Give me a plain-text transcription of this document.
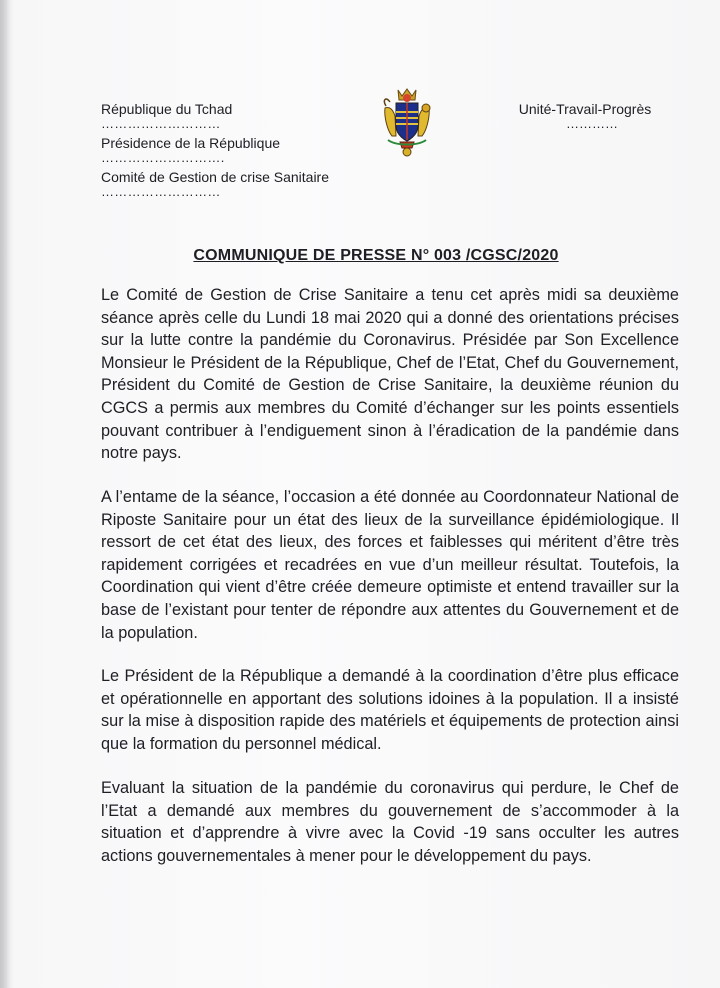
République du Tchad
………………………
Présidence de la République
……………………….
Comité de Gestion de crise Sanitaire
………………………
Unité-Travail-Progrès
…………
COMMUNIQUE DE PRESSE N° 003 /CGSC/2020
Le Comité de Gestion de Crise Sanitaire a tenu cet après midi sa deuxième séance après celle du Lundi 18 mai 2020 qui a donné des orientations précises sur la lutte contre la pandémie du Coronavirus. Présidée par Son Excellence Monsieur le Président de la République, Chef de l’Etat, Chef du Gouvernement, Président du Comité de Gestion de Crise Sanitaire, la deuxième réunion du CGCS a permis aux membres du Comité d’échanger sur les points essentiels pouvant contribuer à l’endiguement sinon à l’éradication de la pandémie dans notre pays.
A l’entame de la séance, l’occasion a été donnée au Coordonnateur National de Riposte Sanitaire pour un état des lieux de la surveillance épidémiologique. Il ressort de cet état des lieux, des forces et faiblesses qui méritent d’être très rapidement corrigées et recadrées en vue d’un meilleur résultat. Toutefois, la Coordination qui vient d’être créée demeure optimiste et entend travailler sur la base de l’existant pour tenter de répondre aux attentes du Gouvernement et de la population.
Le Président de la République a demandé à la coordination d’être plus efficace et opérationnelle en apportant des solutions idoines à la population. Il a insisté sur la mise à disposition rapide des matériels et équipements de protection ainsi que la formation du personnel médical.
Evaluant la situation de la pandémie du coronavirus qui perdure, le Chef de l’Etat a demandé aux membres du gouvernement de s’accommoder à la situation et d’apprendre à vivre avec la Covid -19 sans occulter les autres actions gouvernementales à mener pour le développement du pays.
